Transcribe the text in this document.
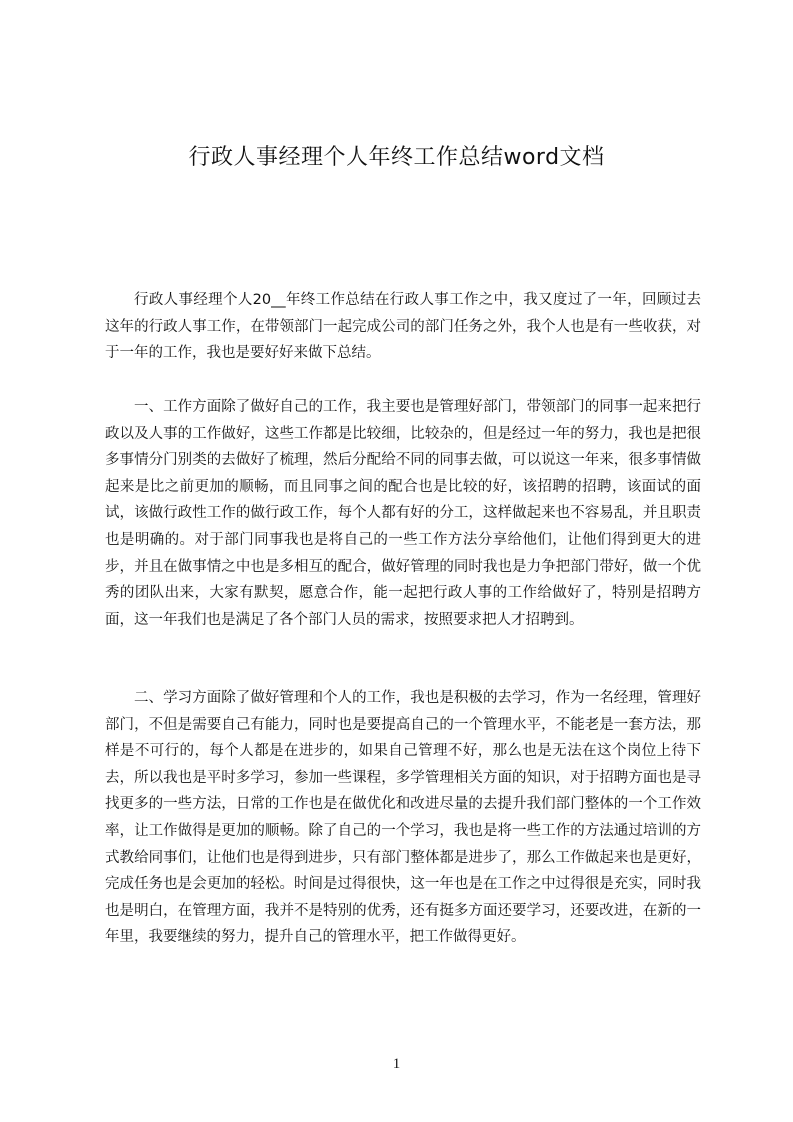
行政人事经理个人年终工作总结word文档

行政人事经理个人20__年终工作总结在行政人事工作之中，我又度过了一年，回顾过去这年的行政人事工作，在带领部门一起完成公司的部门任务之外，我个人也是有一些收获，对于一年的工作，我也是要好好来做下总结。

一、工作方面除了做好自己的工作，我主要也是管理好部门，带领部门的同事一起来把行政以及人事的工作做好，这些工作都是比较细，比较杂的，但是经过一年的努力，我也是把很多事情分门别类的去做好了梳理，然后分配给不同的同事去做，可以说这一年来，很多事情做起来是比之前更加的顺畅，而且同事之间的配合也是比较的好，该招聘的招聘，该面试的面试，该做行政性工作的做行政工作，每个人都有好的分工，这样做起来也不容易乱，并且职责也是明确的。对于部门同事我也是将自己的一些工作方法分享给他们，让他们得到更大的进步，并且在做事情之中也是多相互的配合，做好管理的同时我也是力争把部门带好，做一个优秀的团队出来，大家有默契，愿意合作，能一起把行政人事的工作给做好了，特别是招聘方面，这一年我们也是满足了各个部门人员的需求，按照要求把人才招聘到。

二、学习方面除了做好管理和个人的工作，我也是积极的去学习，作为一名经理，管理好部门，不但是需要自己有能力，同时也是要提高自己的一个管理水平，不能老是一套方法，那样是不可行的，每个人都是在进步的，如果自己管理不好，那么也是无法在这个岗位上待下去，所以我也是平时多学习，参加一些课程，多学管理相关方面的知识，对于招聘方面也是寻找更多的一些方法，日常的工作也是在做优化和改进尽量的去提升我们部门整体的一个工作效率，让工作做得是更加的顺畅。除了自己的一个学习，我也是将一些工作的方法通过培训的方式教给同事们，让他们也是得到进步，只有部门整体都是进步了，那么工作做起来也是更好，完成任务也是会更加的轻松。时间是过得很快，这一年也是在工作之中过得很是充实，同时我也是明白，在管理方面，我并不是特别的优秀，还有挺多方面还要学习，还要改进，在新的一年里，我要继续的努力，提升自己的管理水平，把工作做得更好。

1
